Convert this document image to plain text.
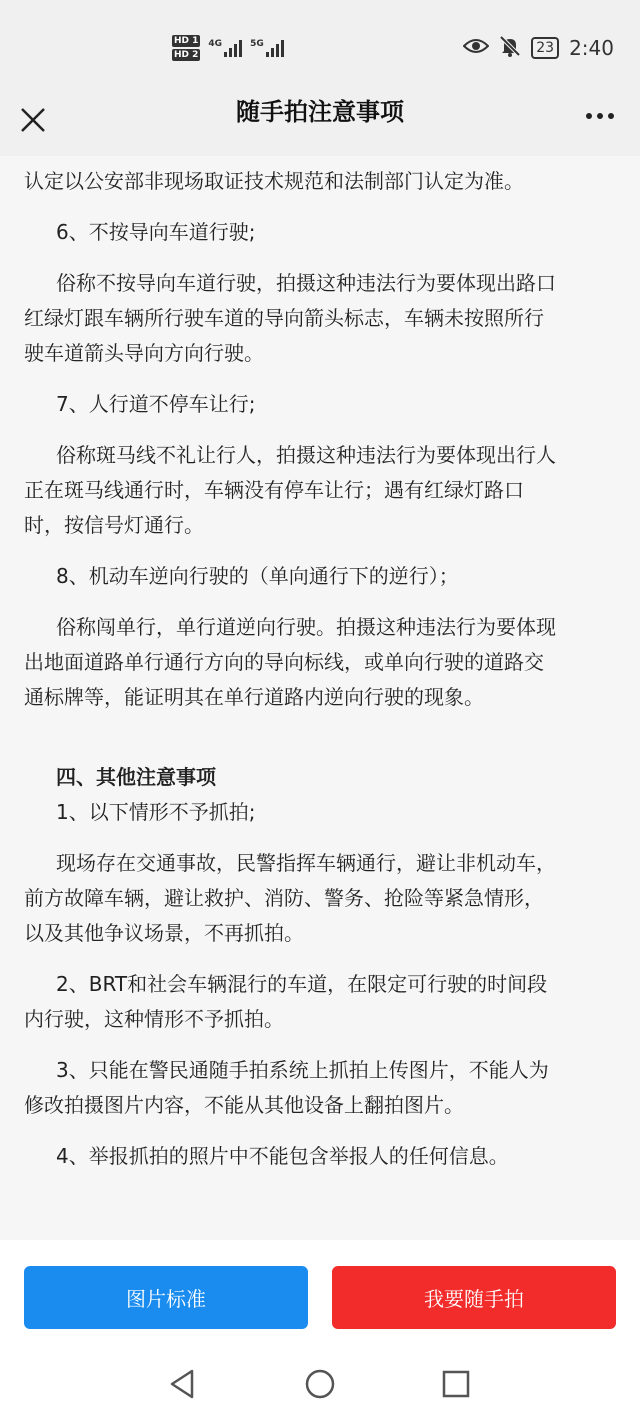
HD 1
HD 2
4G	5G	23 2:40
随手拍注意事项
认定以公安部非现场取证技术规范和法制部门认定为准。
6、不按导向车道行驶;
俗称不按导向车道行驶，拍摄这种违法行为要体现出路口
红绿灯跟车辆所行驶车道的导向箭头标志，车辆未按照所行
驶车道箭头导向方向行驶。
7、人行道不停车让行;
俗称斑马线不礼让行人，拍摄这种违法行为要体现出行人
正在斑马线通行时，车辆没有停车让行；遇有红绿灯路口
时，按信号灯通行。
8、机动车逆向行驶的（单向通行下的逆行）；
俗称闯单行，单行道逆向行驶。拍摄这种违法行为要体现
出地面道路单行通行方向的导向标线，或单向行驶的道路交
通标牌等，能证明其在单行道路内逆向行驶的现象。
四、其他注意事项
1、以下情形不予抓拍;
现场存在交通事故，民警指挥车辆通行，避让非机动车，
前方故障车辆，避让救护、消防、警务、抢险等紧急情形，
以及其他争议场景，不再抓拍。
2、BRT和社会车辆混行的车道，在限定可行驶的时间段
内行驶，这种情形不予抓拍。
3、只能在警民通随手拍系统上抓拍上传图片，不能人为
修改拍摄图片内容，不能从其他设备上翻拍图片。
4、举报抓拍的照片中不能包含举报人的任何信息。
图片标准	我要随手拍
